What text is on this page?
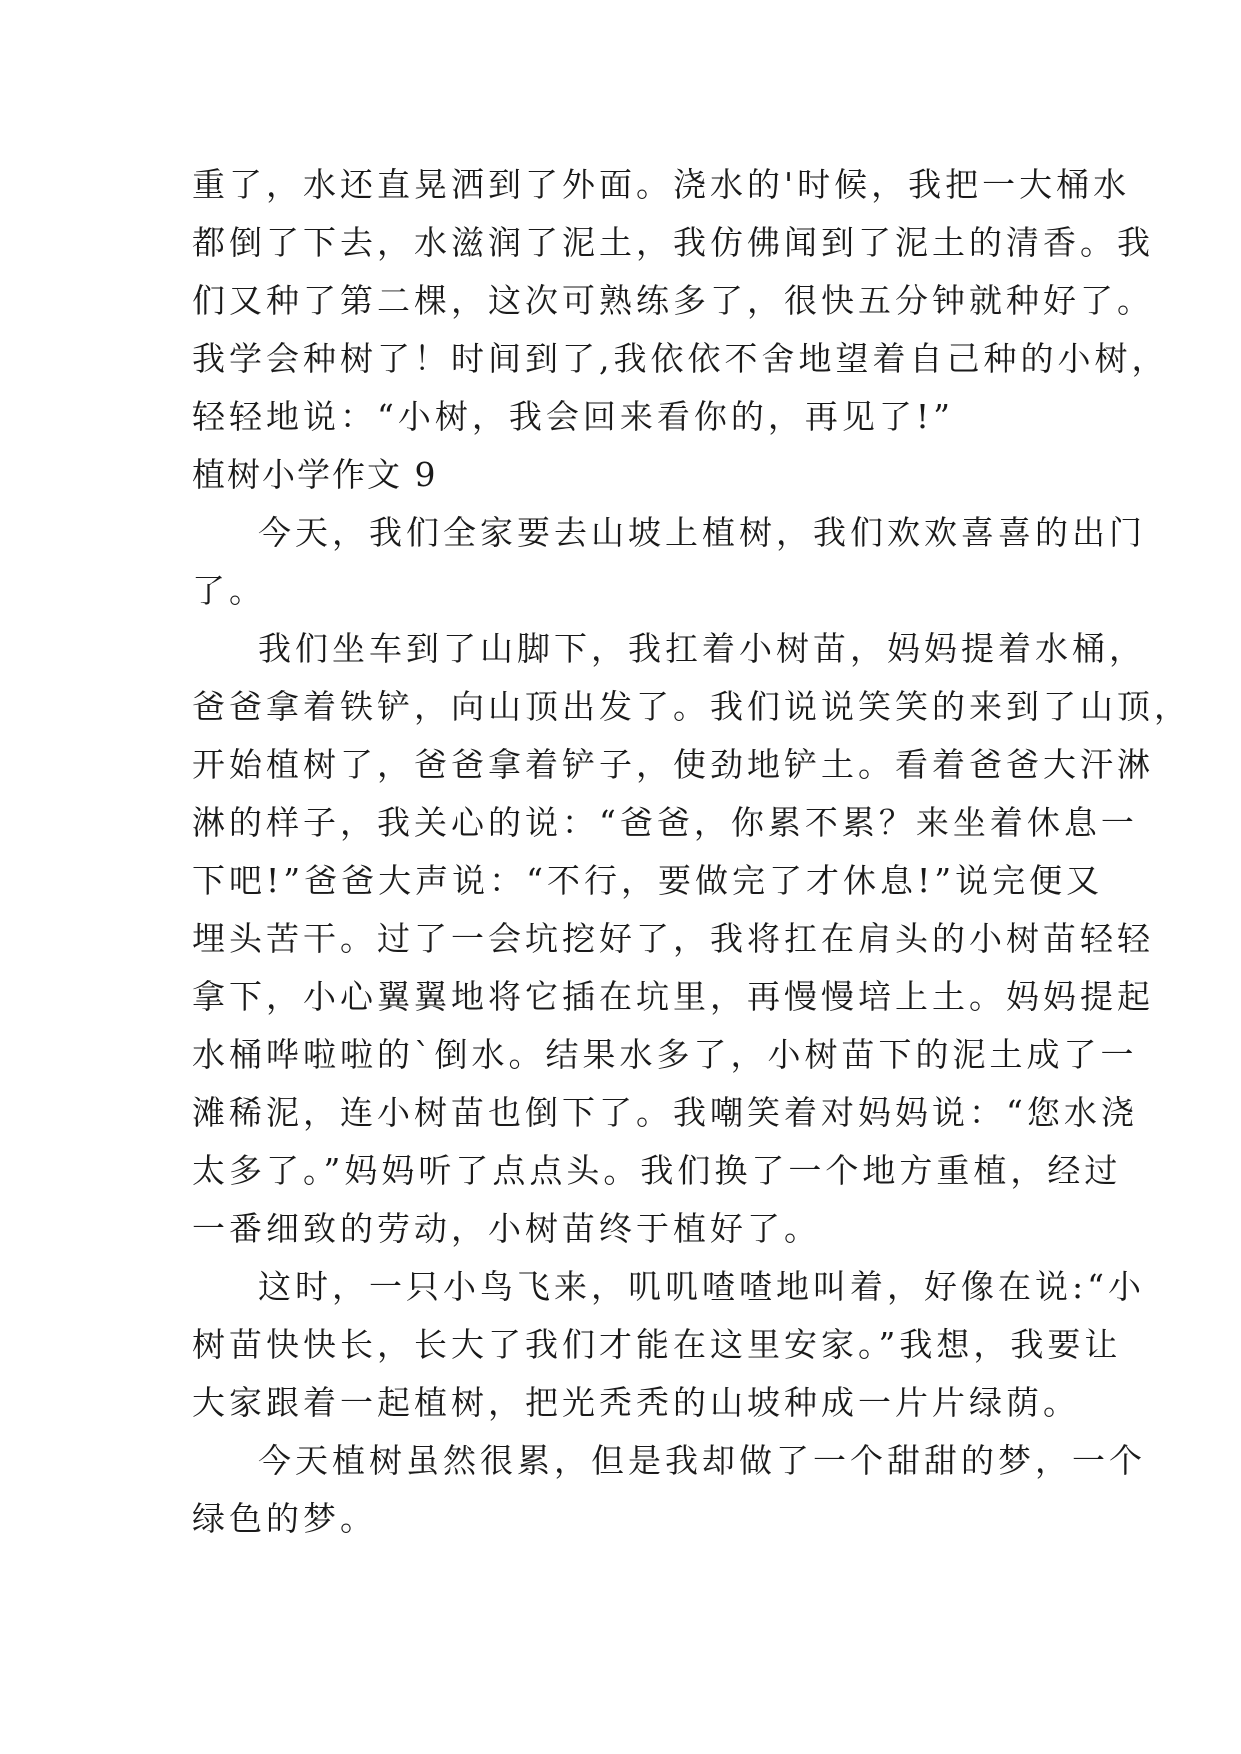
重了，水还直晃洒到了外面。浇水的'时候，我把一大桶水
都倒了下去，水滋润了泥土，我仿佛闻到了泥土的清香。我
们又种了第二棵，这次可熟练多了，很快五分钟就种好了。
我学会种树了！时间到了,我依依不舍地望着自己种的小树，
轻轻地说：“小树，我会回来看你的，再见了!”
植树小学作文 9
今天，我们全家要去山坡上植树，我们欢欢喜喜的出门
了。
我们坐车到了山脚下，我扛着小树苗，妈妈提着水桶，
爸爸拿着铁铲，向山顶出发了。我们说说笑笑的来到了山顶，
开始植树了，爸爸拿着铲子，使劲地铲土。看着爸爸大汗淋
淋的样子，我关心的说：“爸爸，你累不累？来坐着休息一
下吧!”爸爸大声说：“不行，要做完了才休息!”说完便又
埋头苦干。过了一会坑挖好了，我将扛在肩头的小树苗轻轻
拿下，小心翼翼地将它插在坑里，再慢慢培上土。妈妈提起
水桶哗啦啦的`倒水。结果水多了，小树苗下的泥土成了一
滩稀泥，连小树苗也倒下了。我嘲笑着对妈妈说：“您水浇
太多了。”妈妈听了点点头。我们换了一个地方重植，经过
一番细致的劳动，小树苗终于植好了。
这时，一只小鸟飞来，叽叽喳喳地叫着，好像在说:“小
树苗快快长，长大了我们才能在这里安家。”我想，我要让
大家跟着一起植树，把光秃秃的山坡种成一片片绿荫。
今天植树虽然很累，但是我却做了一个甜甜的梦，一个
绿色的梦。
